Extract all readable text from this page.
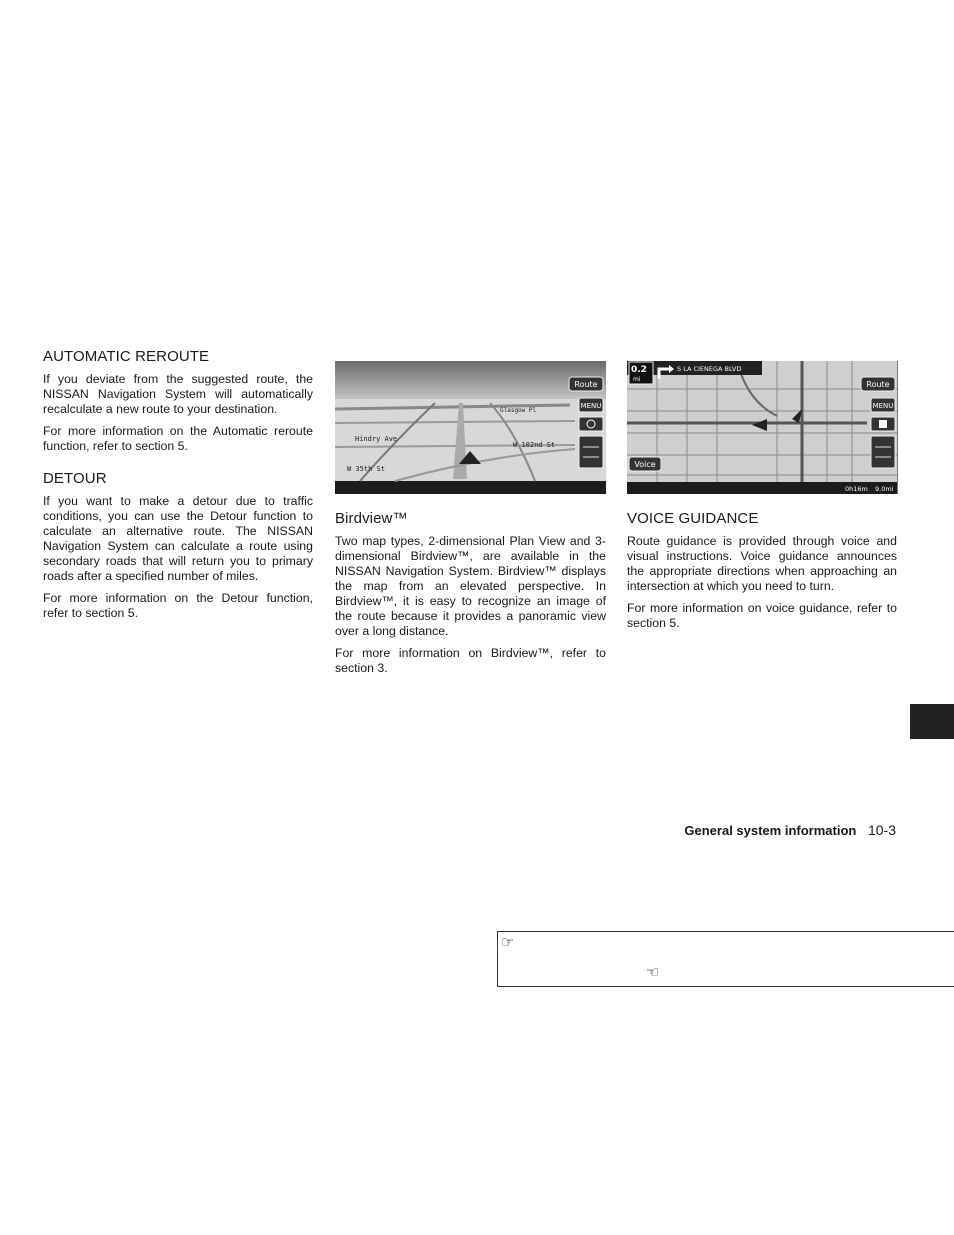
AUTOMATIC REROUTE

If you deviate from the suggested route, the NISSAN Navigation System will automatically recalculate a new route to your destination.

For more information on the Automatic reroute function, refer to section 5.

DETOUR

If you want to make a detour due to traffic conditions, you can use the Detour function to calculate an alternative route. The NISSAN Navigation System can calculate a route using secondary roads that will return you to primary roads after a specified number of miles.

For more information on the Detour function, refer to section 5.

Hindry Ave
W 35th St
W 102nd St
Glasgow Pl
Route
MENU
Birdview™

Two map types, 2-dimensional Plan View and 3-dimensional Birdview™, are available in the NISSAN Navigation System. Birdview™ displays the map from an elevated perspective. In Birdview™, it is easy to recognize an image of the route because it provides a panoramic view over a long distance.

For more information on Birdview™, refer to section 3.

0.2
mi
S LA CIENEGA BLVD
Route
MENU
Voice
0h16m 9.0mi
VOICE GUIDANCE

Route guidance is provided through voice and visual instructions. Voice guidance announces the appropriate directions when approaching an intersection at which you need to turn.

For more information on voice guidance, refer to section 5.

General system information 10-3
☞
☜
